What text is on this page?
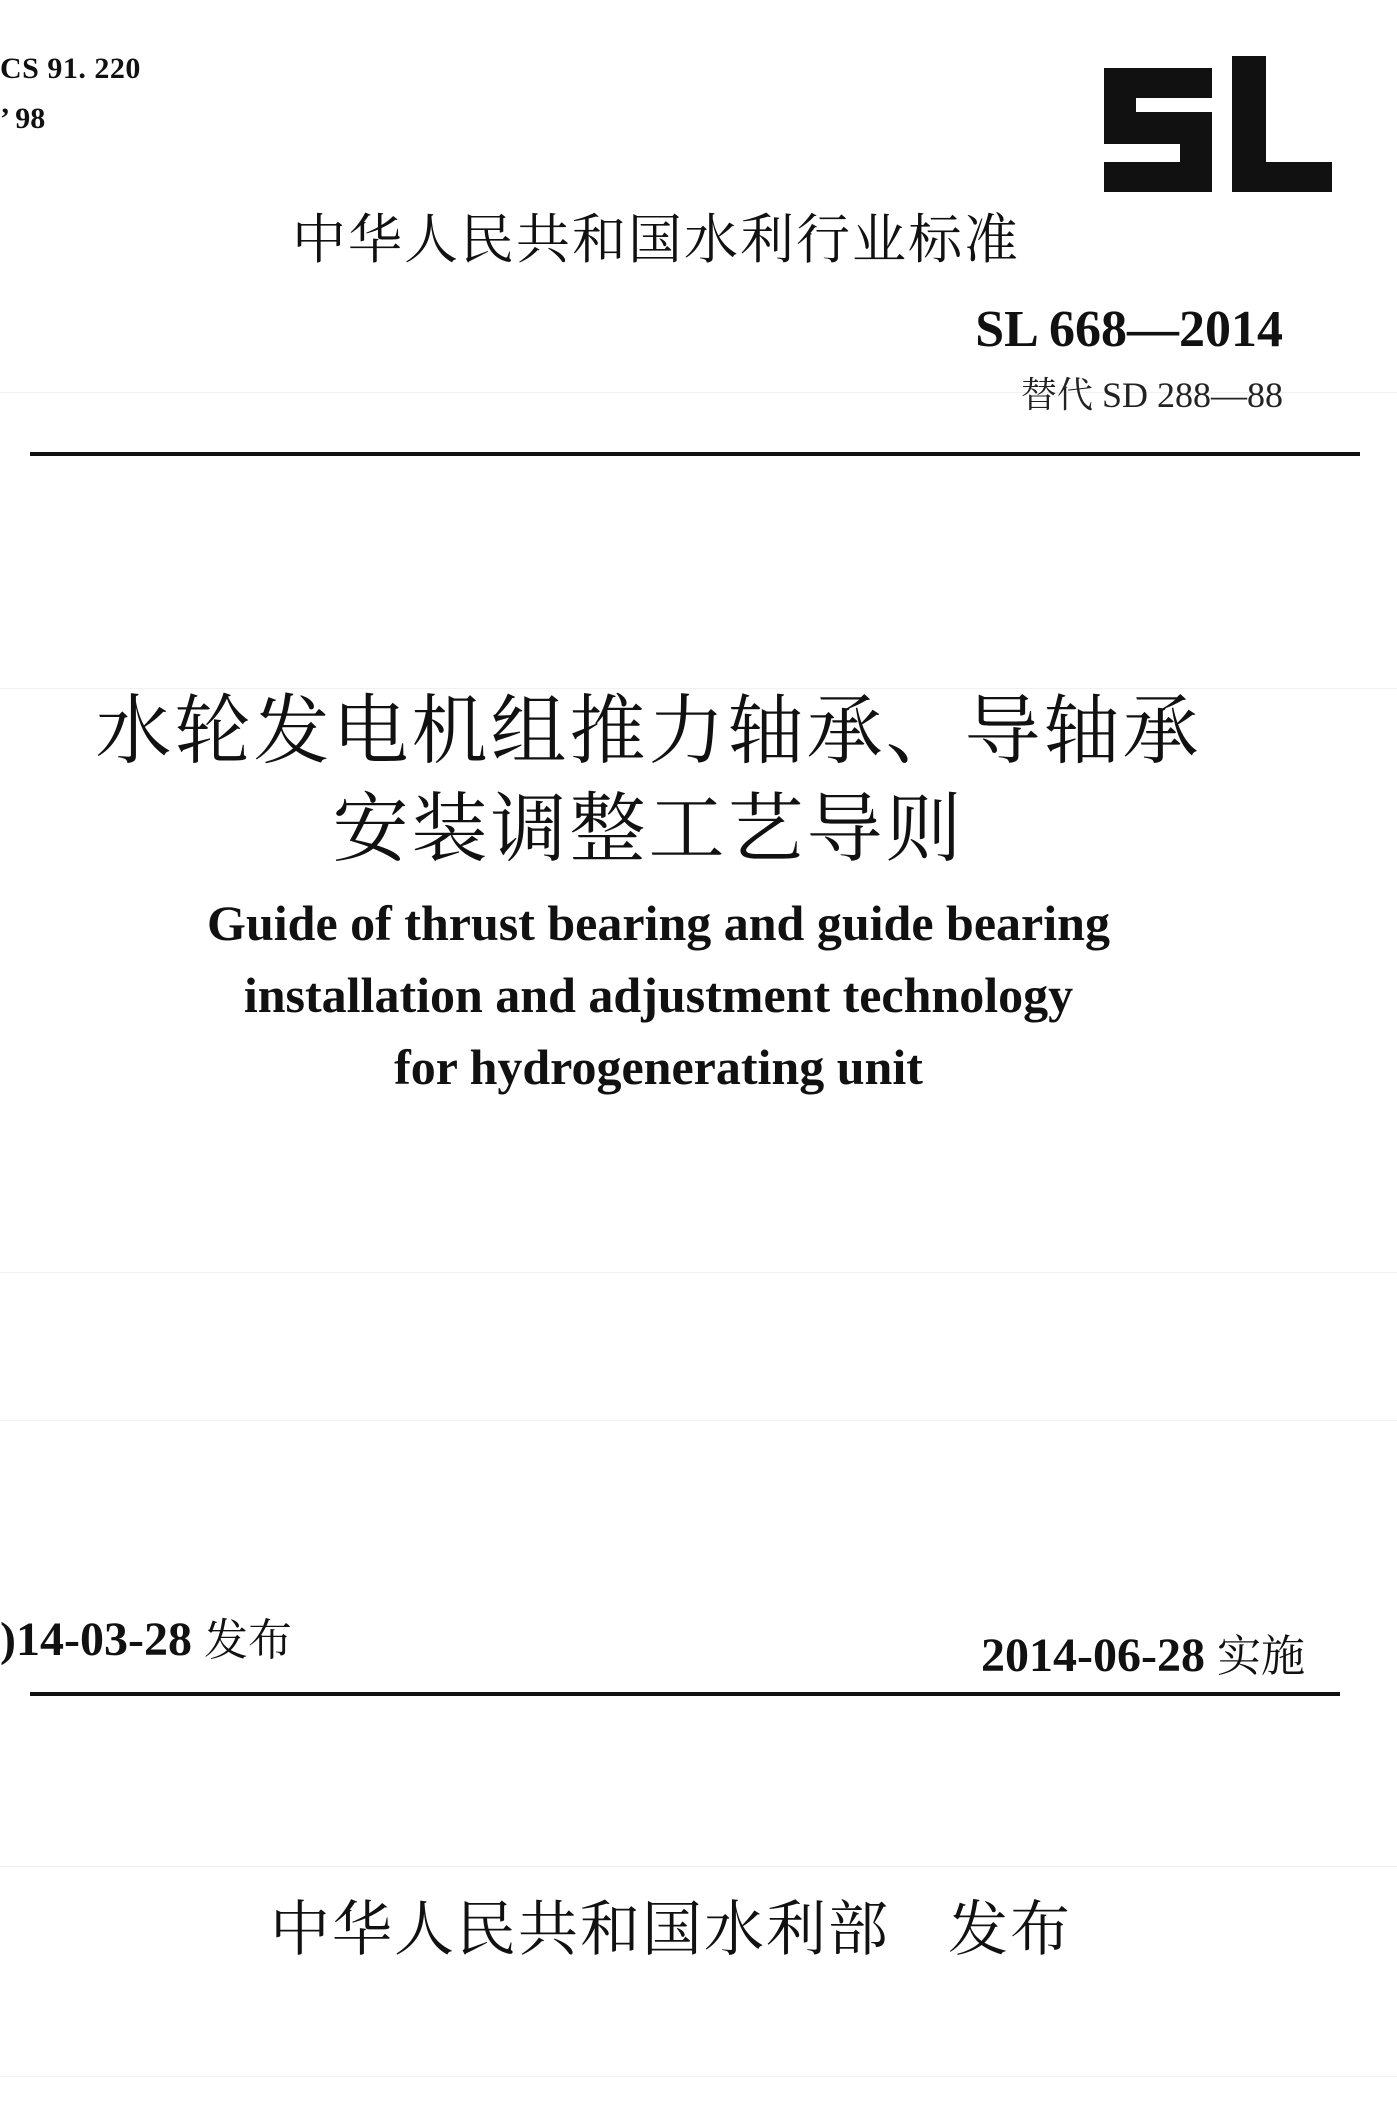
CS 91. 220
’ 98
中华人民共和国水利行业标准
SL 668—2014
替代 SD 288—88
水轮发电机组推力轴承、导轴承
安装调整工艺导则
Guide of thrust bearing and guide bearing
installation and adjustment technology
for hydrogenerating unit
)14-03-28 发布	2014-06-28 实施
中华人民共和国水利部 发布
